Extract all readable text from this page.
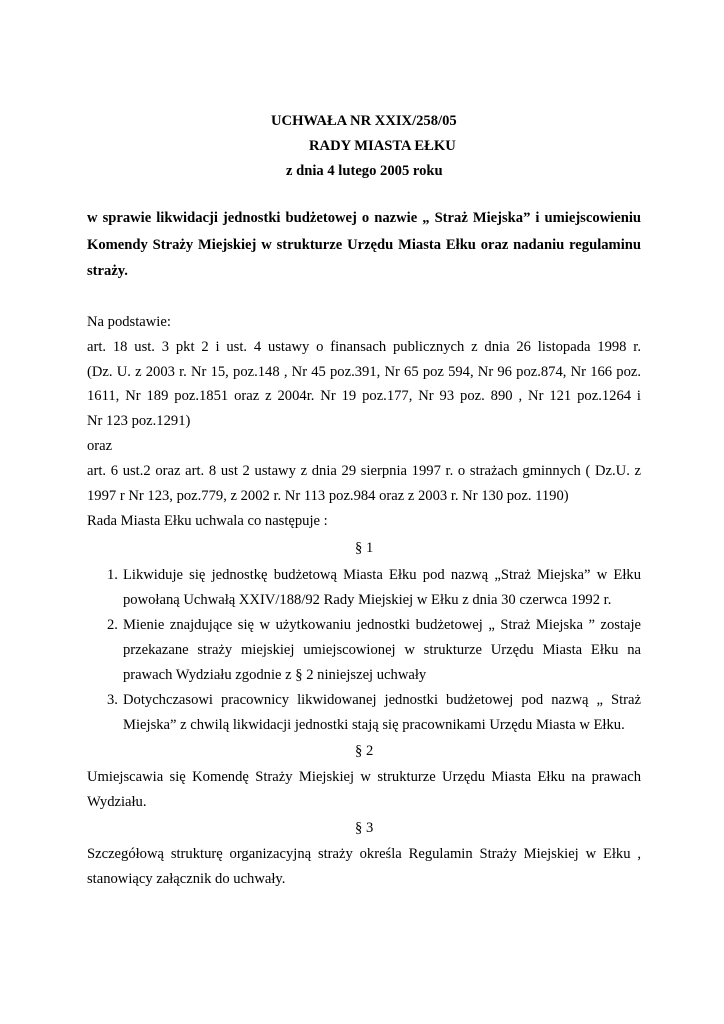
UCHWAŁA NR XXIX/258/05

RADY MIASTA EŁKU

z dnia 4 lutego 2005 roku

w sprawie likwidacji jednostki budżetowej o nazwie „ Straż Miejska” i umiejscowieniu

Komendy Straży Miejskiej w strukturze Urzędu Miasta Ełku oraz nadaniu regulaminu

straży.

Na podstawie:

art. 18 ust. 3 pkt 2 i ust. 4 ustawy o finansach publicznych z dnia 26 listopada 1998 r.

(Dz. U. z 2003 r. Nr 15, poz.148 , Nr 45 poz.391, Nr 65 poz 594, Nr 96 poz.874, Nr 166 poz.

1611, Nr 189 poz.1851 oraz z 2004r. Nr 19 poz.177, Nr 93 poz. 890 , Nr 121 poz.1264 i

Nr 123 poz.1291)

oraz

art. 6 ust.2 oraz art. 8 ust 2 ustawy z dnia 29 sierpnia 1997 r. o strażach gminnych ( Dz.U. z

1997 r Nr 123, poz.779, z 2002 r. Nr 113 poz.984 oraz z 2003 r. Nr 130 poz. 1190)

Rada Miasta Ełku uchwala co następuje :

§ 1

1. Likwiduje się jednostkę budżetową Miasta Ełku pod nazwą „Straż Miejska” w Ełku

powołaną Uchwałą XXIV/188/92 Rady Miejskiej w Ełku z dnia 30 czerwca 1992 r.

2. Mienie znajdujące się w użytkowaniu jednostki budżetowej „ Straż Miejska ” zostaje

przekazane straży miejskiej umiejscowionej w strukturze Urzędu Miasta Ełku na

prawach Wydziału zgodnie z § 2 niniejszej uchwały

3. Dotychczasowi pracownicy likwidowanej jednostki budżetowej pod nazwą „ Straż

Miejska” z chwilą likwidacji jednostki stają się pracownikami Urzędu Miasta w Ełku.

§ 2

Umiejscawia się Komendę Straży Miejskiej w strukturze Urzędu Miasta Ełku na prawach

Wydziału.

§ 3

Szczegółową strukturę organizacyjną straży określa Regulamin Straży Miejskiej w Ełku ,

stanowiący załącznik do uchwały.
